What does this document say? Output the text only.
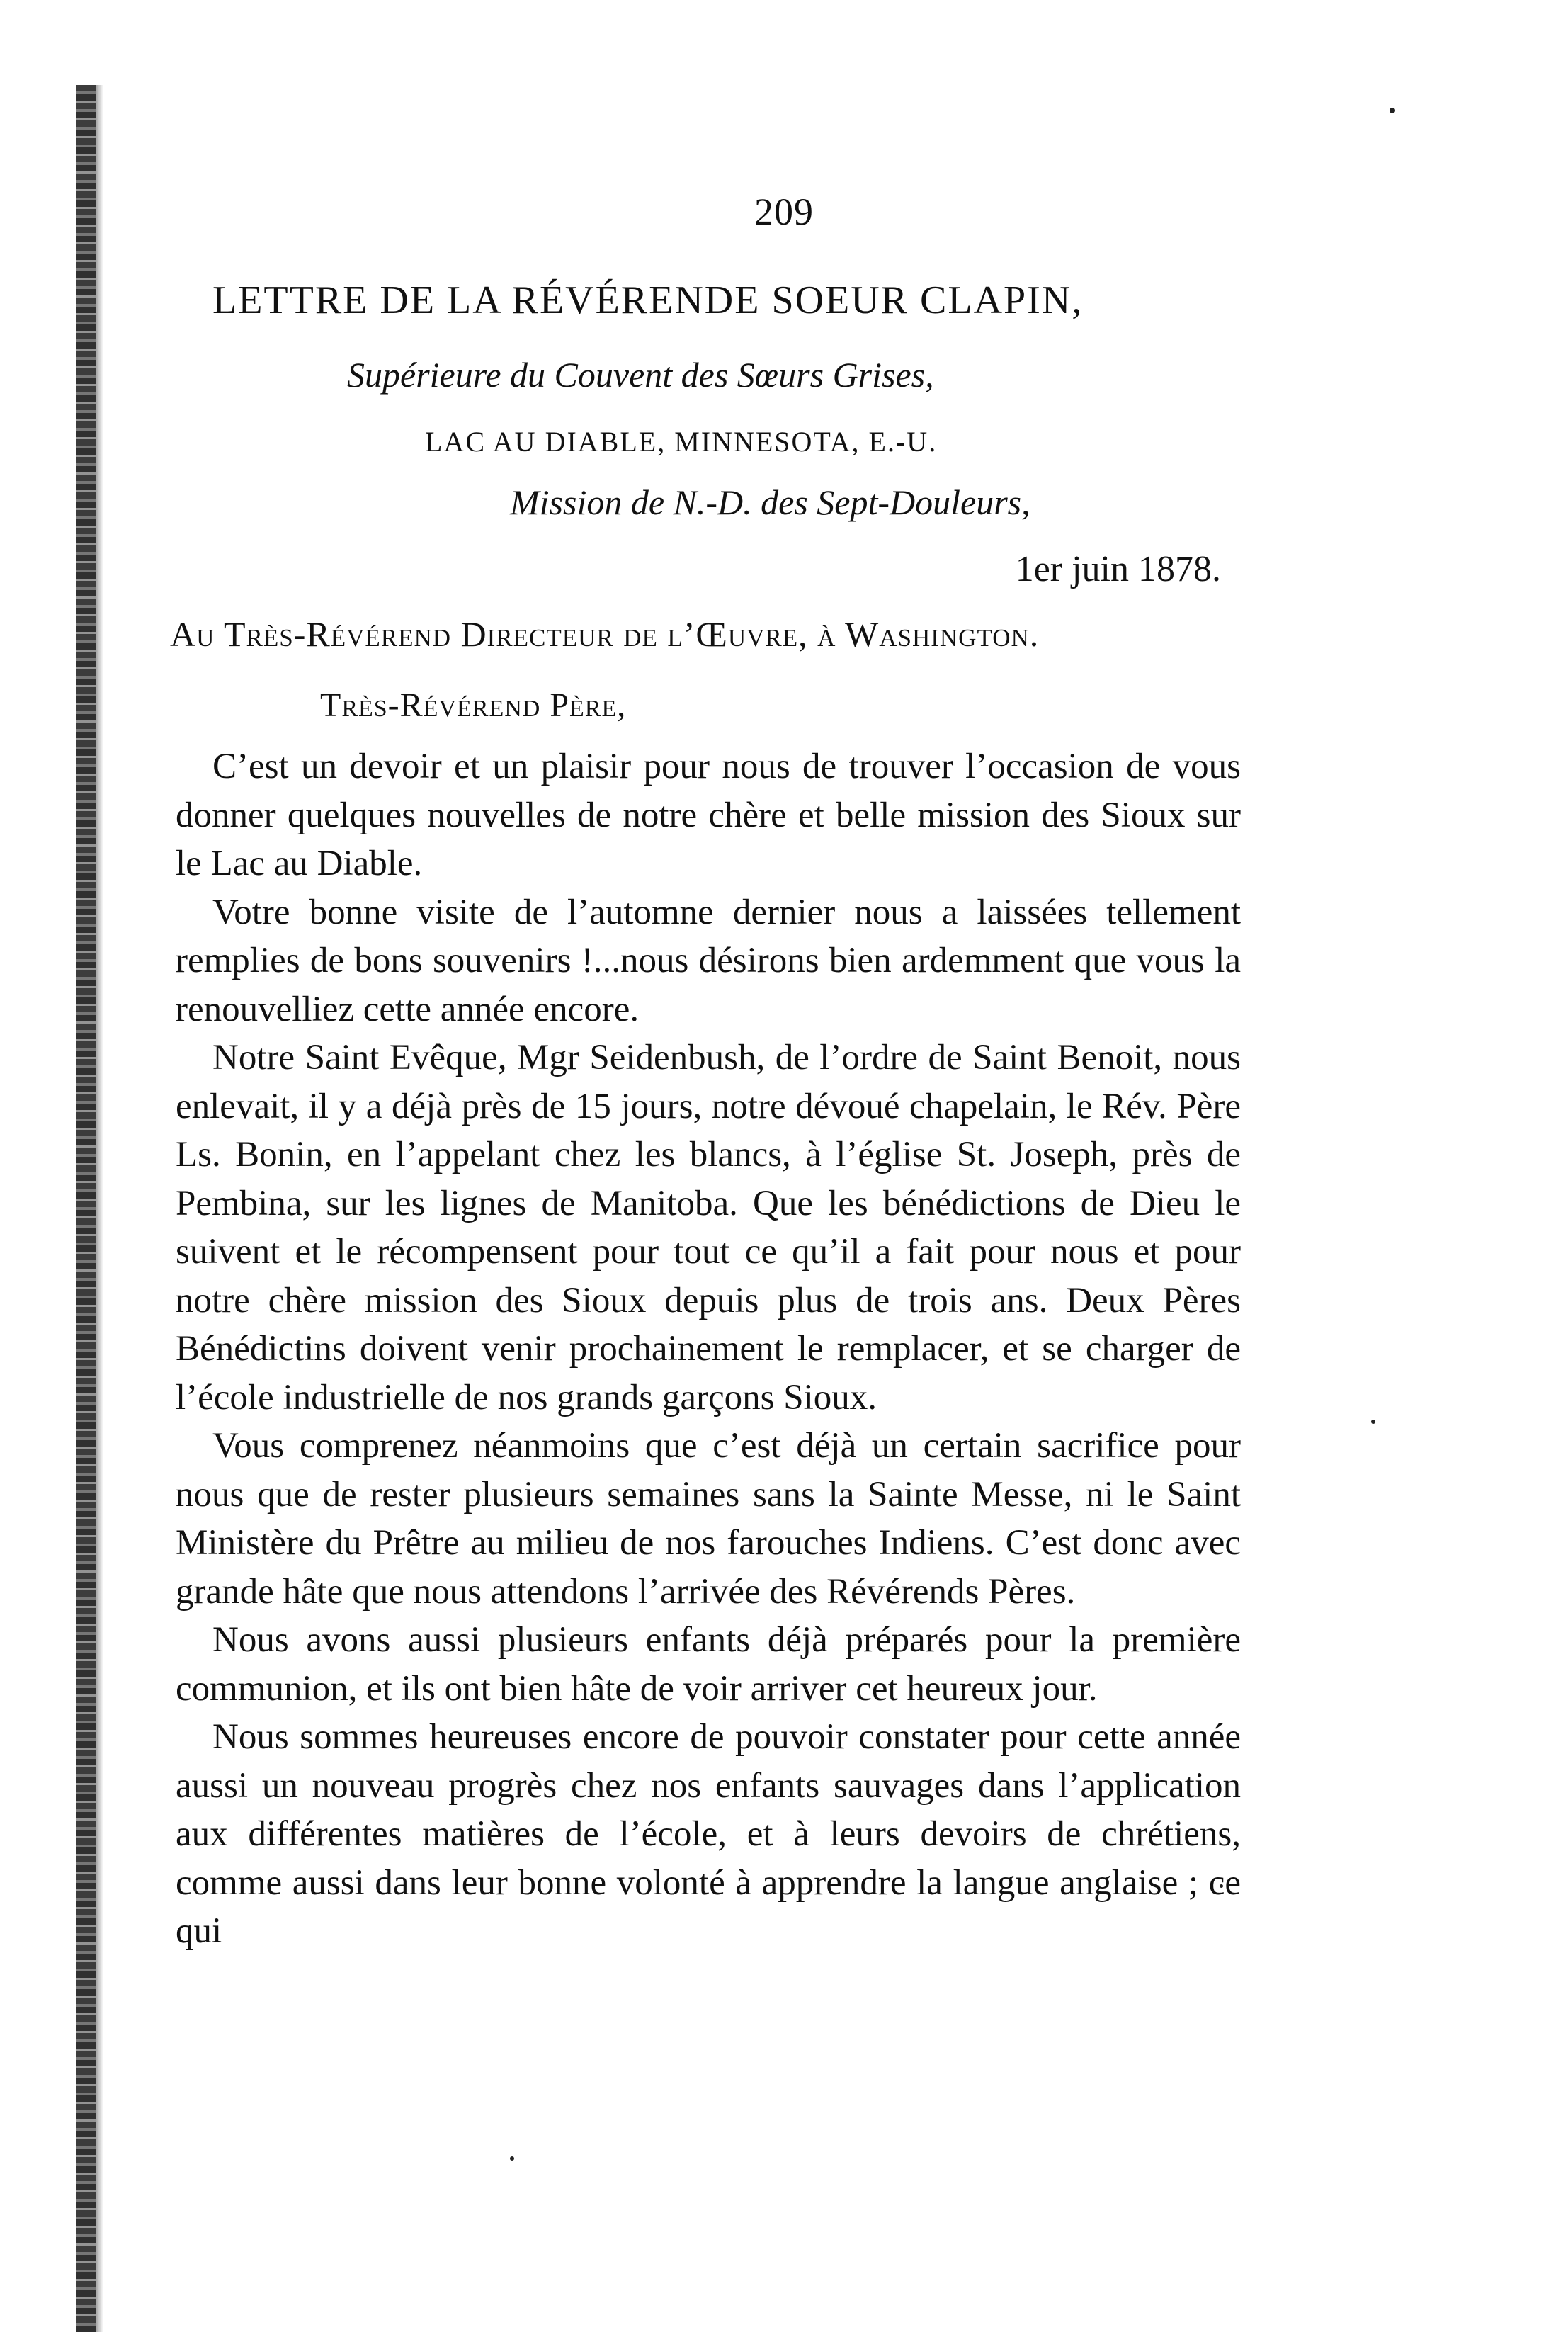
209
LETTRE DE LA RÉVÉRENDE SOEUR CLAPIN,
Supérieure du Couvent des Sœurs Grises,
LAC AU DIABLE, MINNESOTA, E.-U.
Mission de N.-D. des Sept-Douleurs,
1er juin 1878.
Au Très-Révérend Directeur de l’Œuvre, à Washington.
Très-Révérend Père,

C’est un devoir et un plaisir pour nous de trouver l’occasion de vous donner quelques nouvelles de notre chère et belle mission des Sioux sur le Lac au Diable.

Votre bonne visite de l’automne dernier nous a laissées tellement remplies de bons souvenirs !...nous désirons bien ardemment que vous la renouvelliez cette année encore.

Notre Saint Evêque, Mgr Seidenbush, de l’ordre de Saint Benoit, nous enlevait, il y a déjà près de 15 jours, notre dévoué chapelain, le Rév. Père Ls. Bonin, en l’appelant chez les blancs, à l’église St. Joseph, près de Pembina, sur les lignes de Manitoba. Que les bénédictions de Dieu le suivent et le récompensent pour tout ce qu’il a fait pour nous et pour notre chère mission des Sioux depuis plus de trois ans. Deux Pères Bénédictins doivent venir prochainement le remplacer, et se charger de l’école industrielle de nos grands garçons Sioux.

Vous comprenez néanmoins que c’est déjà un certain sacrifice pour nous que de rester plusieurs semaines sans la Sainte Messe, ni le Saint Ministère du Prêtre au milieu de nos farouches Indiens. C’est donc avec grande hâte que nous attendons l’arrivée des Révérends Pères.

Nous avons aussi plusieurs enfants déjà préparés pour la première communion, et ils ont bien hâte de voir arriver cet heureux jour.

Nous sommes heureuses encore de pouvoir constater pour cette année aussi un nouveau progrès chez nos enfants sauvages dans l’application aux différentes matières de l’école, et à leurs devoirs de chrétiens, comme aussi dans leur bonne volonté à apprendre la langue anglaise ; ce qui
